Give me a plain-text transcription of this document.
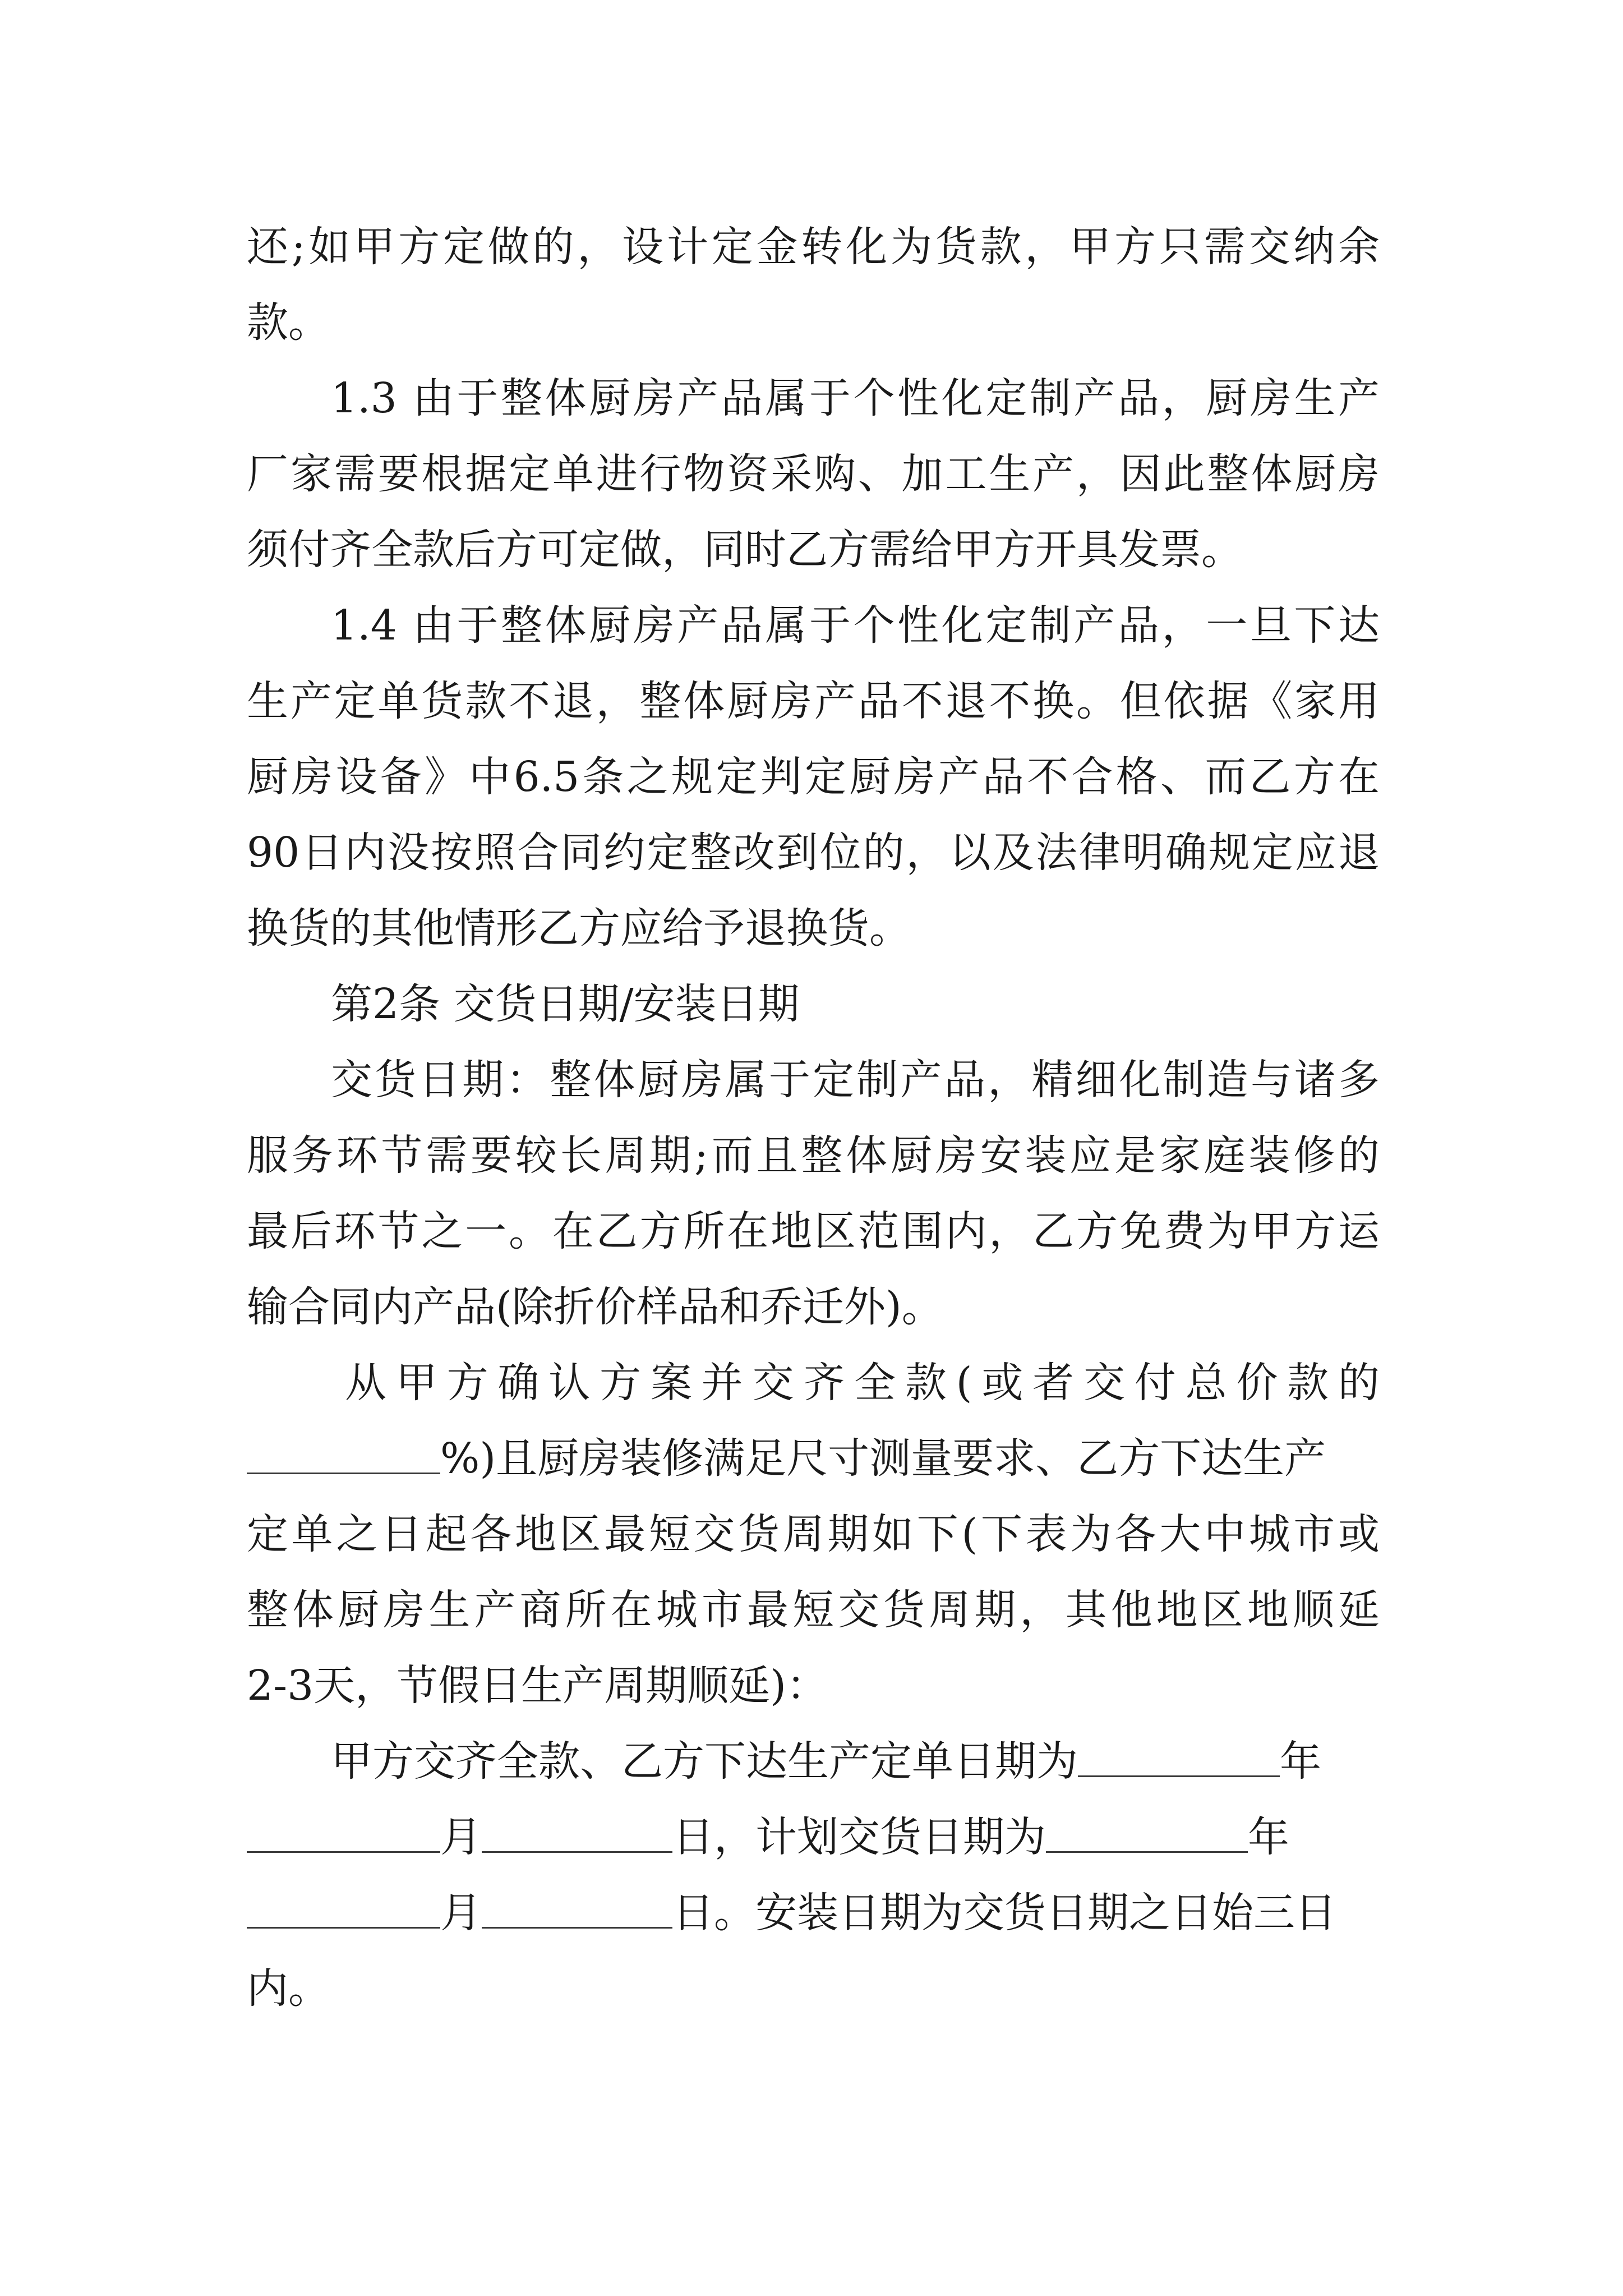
还;如甲方定做的，设计定金转化为货款，甲方只需交纳余
款。
1.3 由于整体厨房产品属于个性化定制产品，厨房生产
厂家需要根据定单进行物资采购、加工生产，因此整体厨房
须付齐全款后方可定做，同时乙方需给甲方开具发票。
1.4 由于整体厨房产品属于个性化定制产品，一旦下达
生产定单货款不退，整体厨房产品不退不换。但依据《家用
厨房设备》中6.5条之规定判定厨房产品不合格、而乙方在
90日内没按照合同约定整改到位的，以及法律明确规定应退
换货的其他情形乙方应给予退换货。
第2条 交货日期/安装日期
交货日期：整体厨房属于定制产品，精细化制造与诸多
服务环节需要较长周期;而且整体厨房安装应是家庭装修的
最后环节之一。在乙方所在地区范围内，乙方免费为甲方运
输合同内产品(除折价样品和乔迁外)。
从甲方确认方案并交齐全款(或者交付总价款的
%)且厨房装修满足尺寸测量要求、乙方下达生产
定单之日起各地区最短交货周期如下(下表为各大中城市或
整体厨房生产商所在城市最短交货周期，其他地区地顺延
2-3天，节假日生产周期顺延)：
甲方交齐全款、乙方下达生产定单日期为	年
月	日，计划交货日期为	年
月	日。安装日期为交货日期之日始三日
内。
